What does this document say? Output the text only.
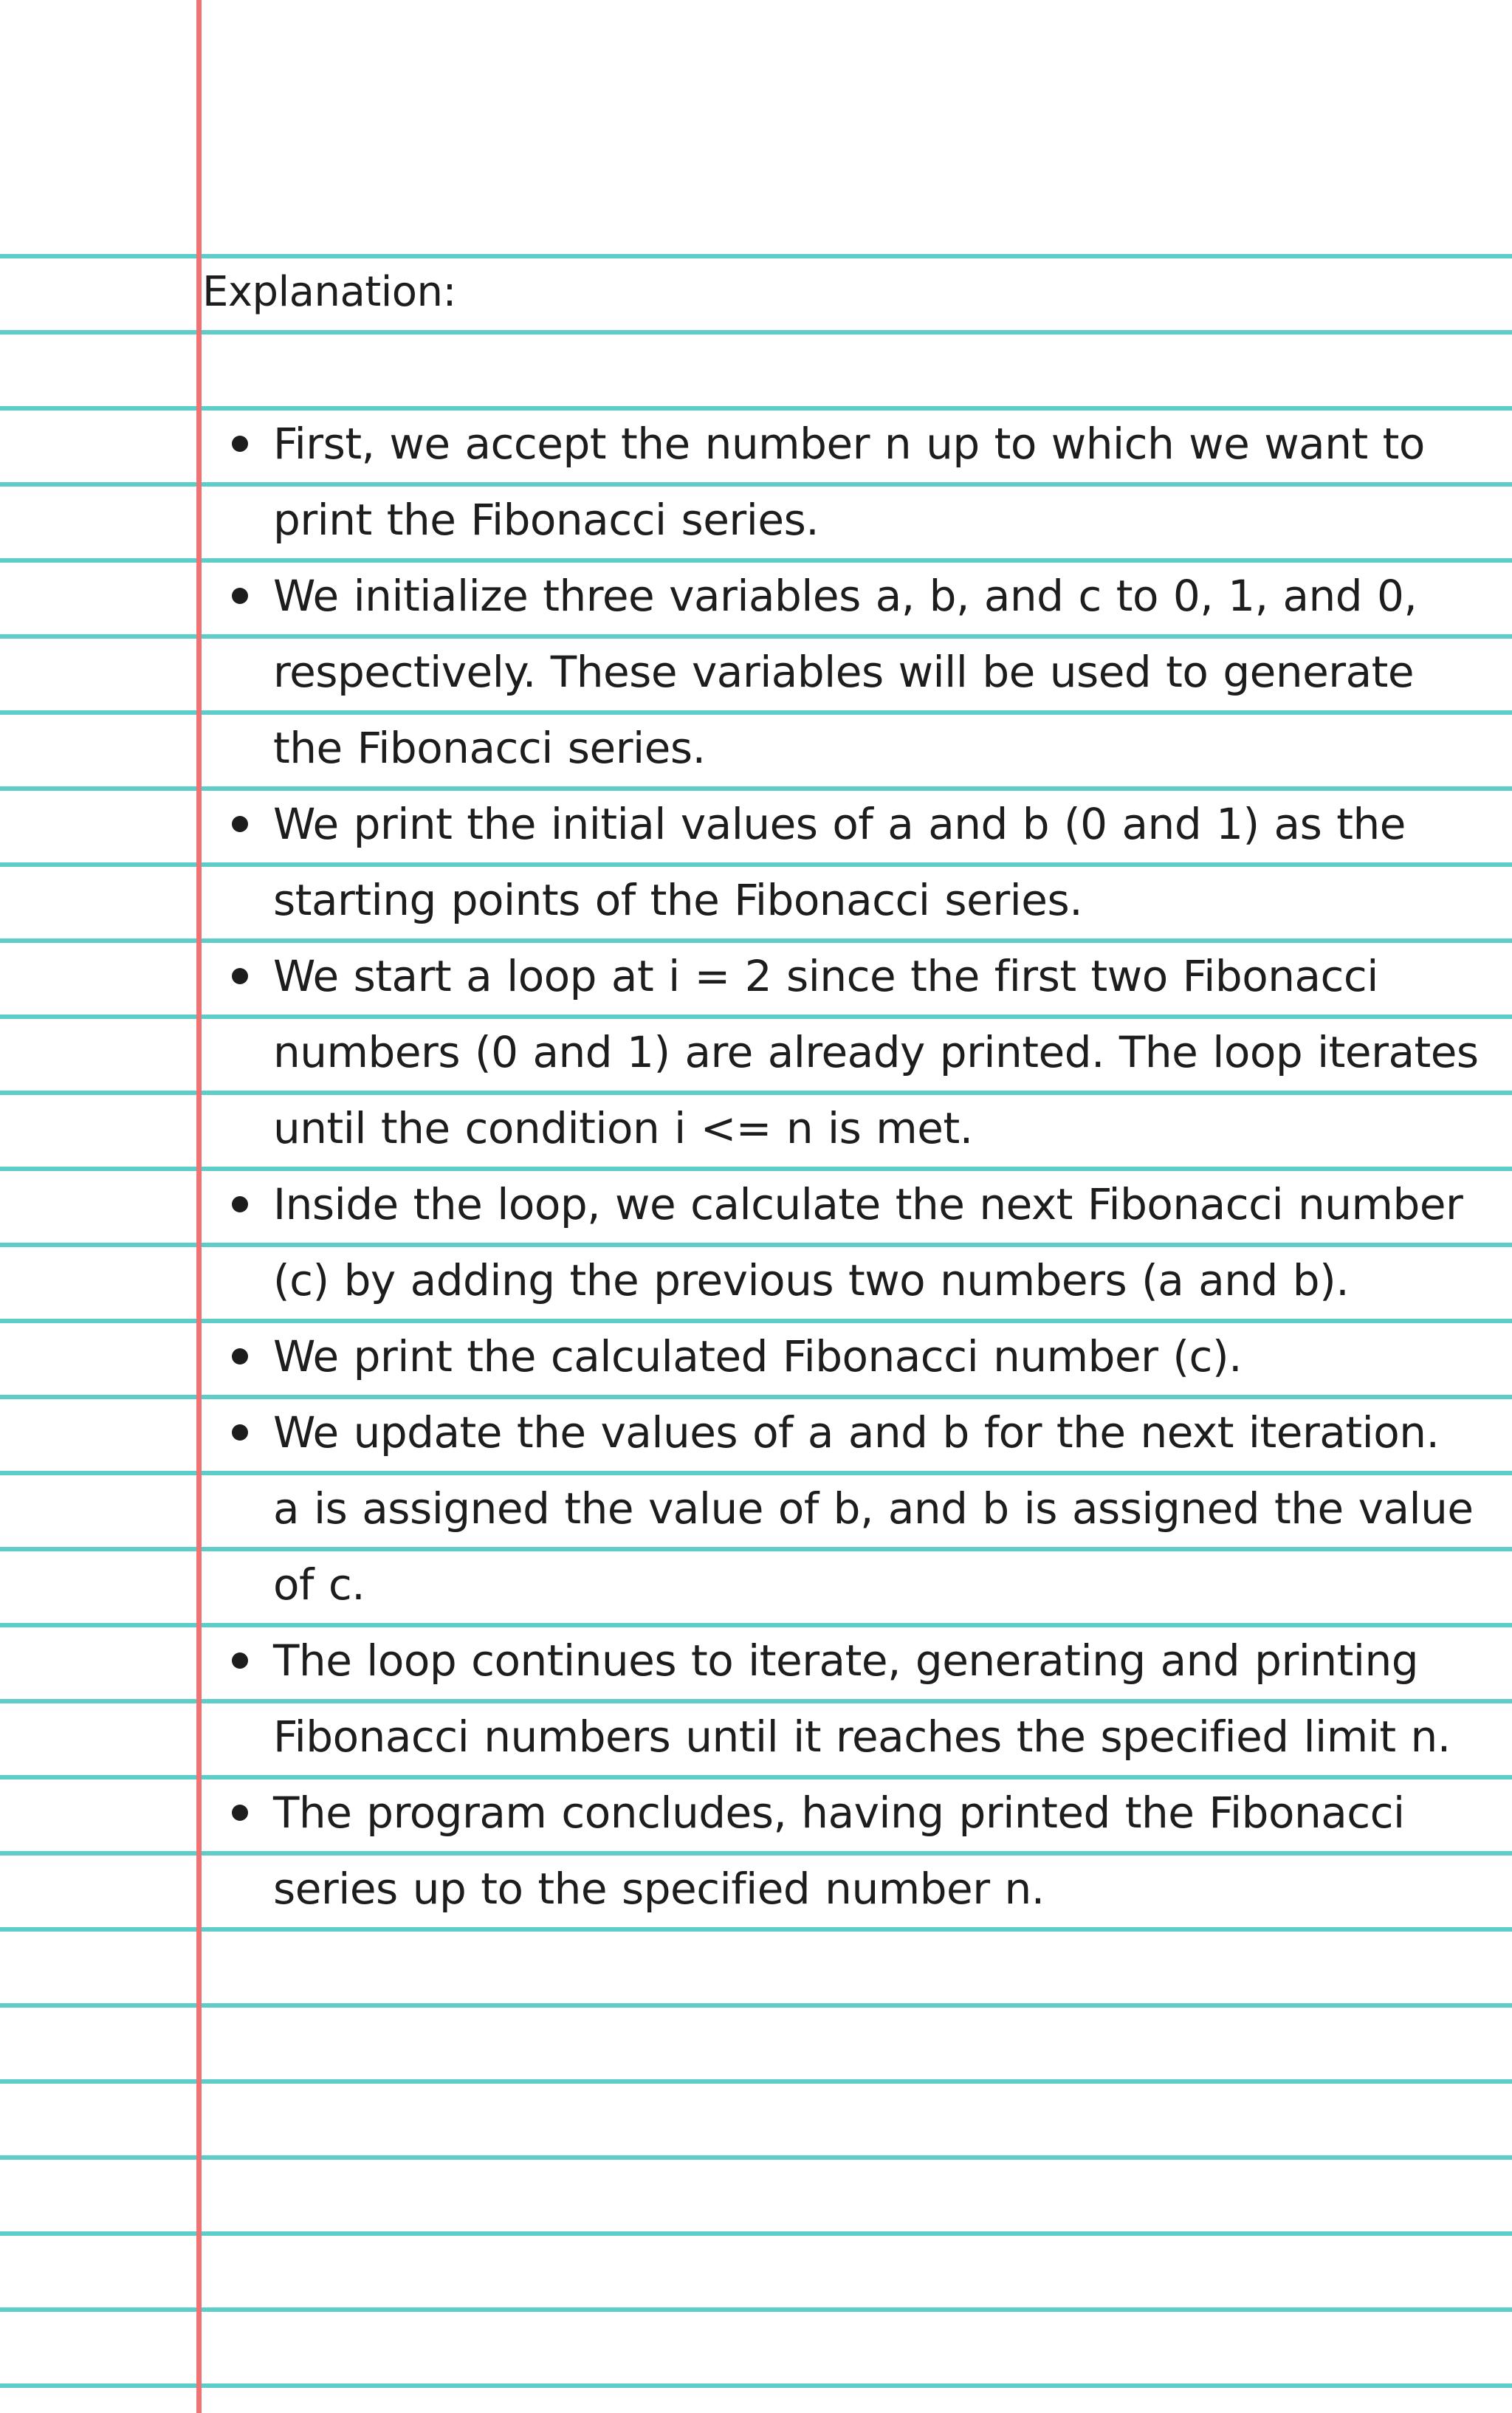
Explanation:
First, we accept the number n up to which we want to
print the Fibonacci series.
We initialize three variables a, b, and c to 0, 1, and 0,
respectively. These variables will be used to generate
the Fibonacci series.
We print the initial values of a and b (0 and 1) as the
starting points of the Fibonacci series.
We start a loop at i = 2 since the first two Fibonacci
numbers (0 and 1) are already printed. The loop iterates
until the condition i <= n is met.
Inside the loop, we calculate the next Fibonacci number
(c) by adding the previous two numbers (a and b).
We print the calculated Fibonacci number (c).
We update the values of a and b for the next iteration.
a is assigned the value of b, and b is assigned the value
of c.
The loop continues to iterate, generating and printing
Fibonacci numbers until it reaches the specified limit n.
The program concludes, having printed the Fibonacci
series up to the specified number n.
